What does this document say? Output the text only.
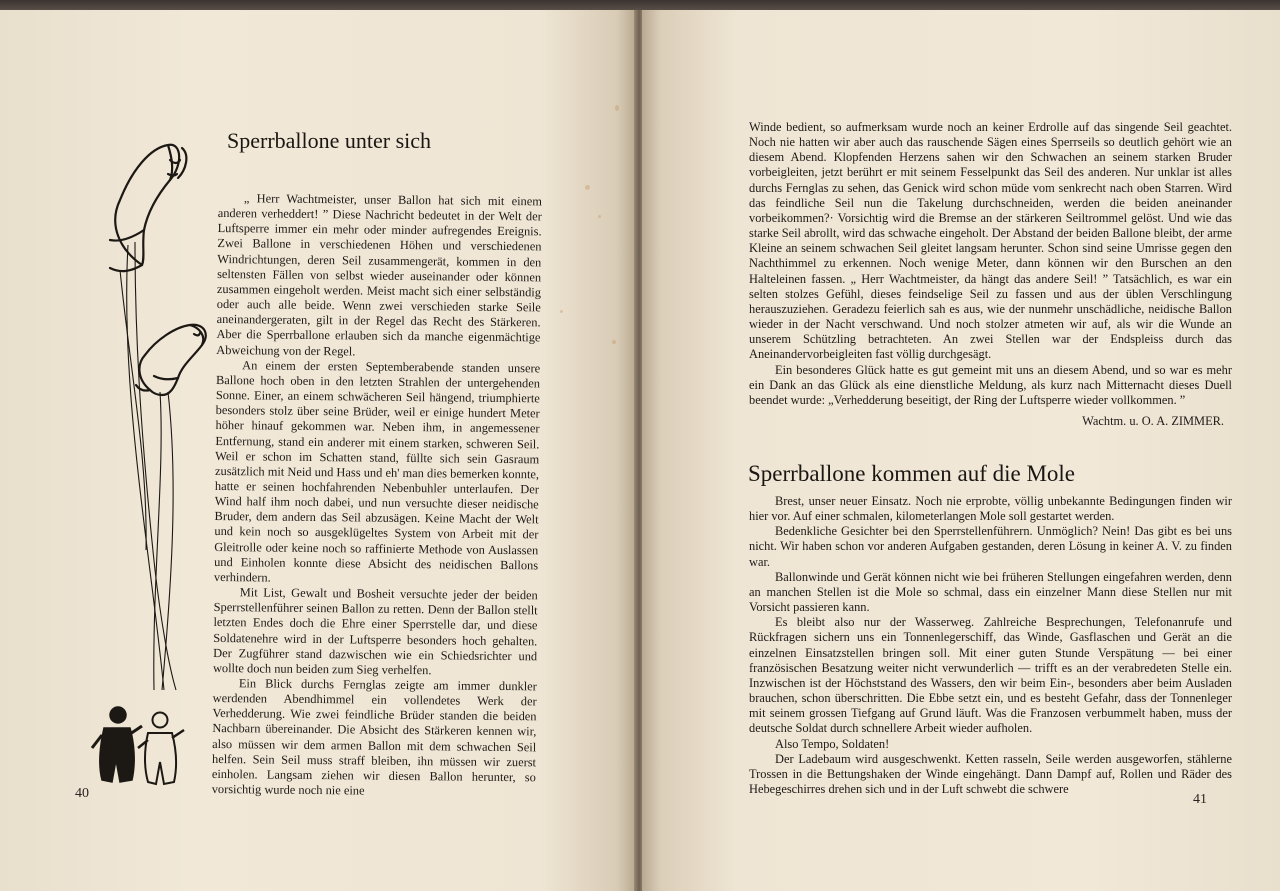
Sperrballone unter sich

„ Herr Wachtmeister, unser Ballon hat sich mit einem anderen verheddert! ” Diese Nachricht bedeutet in der Welt der Luftsperre immer ein mehr oder minder aufregendes Ereignis. Zwei Ballone in verschiedenen Höhen und verschiedenen Windrichtungen, deren Seil zusammengerät, kommen in den seltensten Fällen von selbst wieder auseinander oder können zusammen eingeholt werden. Meist macht sich einer selbständig oder auch alle beide. Wenn zwei verschieden starke Seile aneinandergeraten, gilt in der Regel das Recht des Stärkeren. Aber die Sperrballone erlauben sich da manche eigenmächtige Abweichung von der Regel.

An einem der ersten Septemberabende standen unsere Ballone hoch oben in den letzten Strahlen der untergehenden Sonne. Einer, an einem schwächeren Seil hängend, triumphierte besonders stolz über seine Brüder, weil er einige hundert Meter höher hinauf gekommen war. Neben ihm, in angemessener Entfernung, stand ein anderer mit einem starken, schweren Seil. Weil er schon im Schatten stand, füllte sich sein Gasraum zusätzlich mit Neid und Hass und eh' man dies bemerken konnte, hatte er seinen hochfahrenden Nebenbuhler unterlaufen. Der Wind half ihm noch dabei, und nun versuchte dieser neidische Bruder, dem andern das Seil abzusägen. Keine Macht der Welt und kein noch so ausgeklügeltes System von Arbeit mit der Gleitrolle oder keine noch so raffinierte Methode von Auslassen und Einholen konnte diese Absicht des neidischen Ballons verhindern.

Mit List, Gewalt und Bosheit versuchte jeder der beiden Sperrstellenführer seinen Ballon zu retten. Denn der Ballon stellt letzten Endes doch die Ehre einer Sperrstelle dar, und diese Soldatenehre wird in der Luftsperre besonders hoch gehalten. Der Zugführer stand dazwischen wie ein Schiedsrichter und wollte doch nun beiden zum Sieg verhelfen.

Ein Blick durchs Fernglas zeigte am immer dunkler werdenden Abendhimmel ein vollendetes Werk der Verhedderung. Wie zwei feindliche Brüder standen die beiden Nachbarn übereinander. Die Absicht des Stärkeren kennen wir, also müssen wir dem armen Ballon mit dem schwachen Seil helfen. Sein Seil muss straff bleiben, ihn müssen wir zuerst einholen. Langsam ziehen wir diesen Ballon herunter, so vorsichtig wurde noch nie eine

40

Winde bedient, so aufmerksam wurde noch an keiner Erdrolle auf das singende Seil geachtet. Noch nie hatten wir aber auch das rauschende Sägen eines Sperrseils so deutlich gehört wie an diesem Abend. Klopfenden Herzens sahen wir den Schwachen an seinem starken Bruder vorbeigleiten, jetzt berührt er mit seinem Fesselpunkt das Seil des anderen. Nur unklar ist alles durchs Fernglas zu sehen, das Genick wird schon müde vom senkrecht nach oben Starren. Wird das feindliche Seil nun die Takelung durchschneiden, werden die beiden aneinander vorbeikommen?· Vorsichtig wird die Bremse an der stärkeren Seiltrommel gelöst. Und wie das starke Seil abrollt, wird das schwache eingeholt. Der Abstand der beiden Ballone bleibt, der arme Kleine an seinem schwachen Seil gleitet langsam herunter. Schon sind seine Umrisse gegen den Nachthimmel zu erkennen. Noch wenige Meter, dann können wir den Burschen an den Halteleinen fassen. „ Herr Wachtmeister, da hängt das andere Seil! ” Tatsächlich, es war ein selten stolzes Gefühl, dieses feindselige Seil zu fassen und aus der üblen Verschlingung herauszuziehen. Geradezu feierlich sah es aus, wie der nunmehr unschädliche, neidische Ballon wieder in der Nacht verschwand. Und noch stolzer atmeten wir auf, als wir die Wunde an unserem Schützling betrachteten. An zwei Stellen war der Endspleiss durch das Aneinandervorbeigleiten fast völlig durchgesägt.

Ein besonderes Glück hatte es gut gemeint mit uns an diesem Abend, und so war es mehr ein Dank an das Glück als eine dienstliche Meldung, als kurz nach Mitternacht dieses Duell beendet wurde: „Verhedderung beseitigt, der Ring der Luftsperre wieder vollkommen. ”

Wachtm. u. O. A. ZIMMER.

Sperrballone kommen auf die Mole

Brest, unser neuer Einsatz. Noch nie erprobte, völlig unbekannte Bedingungen finden wir hier vor. Auf einer schmalen, kilometerlangen Mole soll gestartet werden.

Bedenkliche Gesichter bei den Sperrstellenführern. Unmöglich? Nein! Das gibt es bei uns nicht. Wir haben schon vor anderen Aufgaben gestanden, deren Lösung in keiner A. V. zu finden war.

Ballonwinde und Gerät können nicht wie bei früheren Stellungen eingefahren werden, denn an manchen Stellen ist die Mole so schmal, dass ein einzelner Mann diese Stellen nur mit Vorsicht passieren kann.

Es bleibt also nur der Wasserweg. Zahlreiche Besprechungen, Telefonanrufe und Rückfragen sichern uns ein Tonnenlegerschiff, das Winde, Gasflaschen und Gerät an die einzelnen Einsatzstellen bringen soll. Mit einer guten Stunde Verspätung — bei einer französischen Besatzung weiter nicht verwunderlich — trifft es an der verabredeten Stelle ein. Inzwischen ist der Höchststand des Wassers, den wir beim Ein-, besonders aber beim Ausladen brauchen, schon überschritten. Die Ebbe setzt ein, und es besteht Gefahr, dass der Tonnenleger mit seinem grossen Tiefgang auf Grund läuft. Was die Franzosen verbummelt haben, muss der deutsche Soldat durch schnellere Arbeit wieder aufholen.

Also Tempo, Soldaten!

Der Ladebaum wird ausgeschwenkt. Ketten rasseln, Seile werden ausgeworfen, stählerne Trossen in die Bettungshaken der Winde eingehängt. Dann Dampf auf, Rollen und Räder des Hebegeschirres drehen sich und in der Luft schwebt die schwere

41
